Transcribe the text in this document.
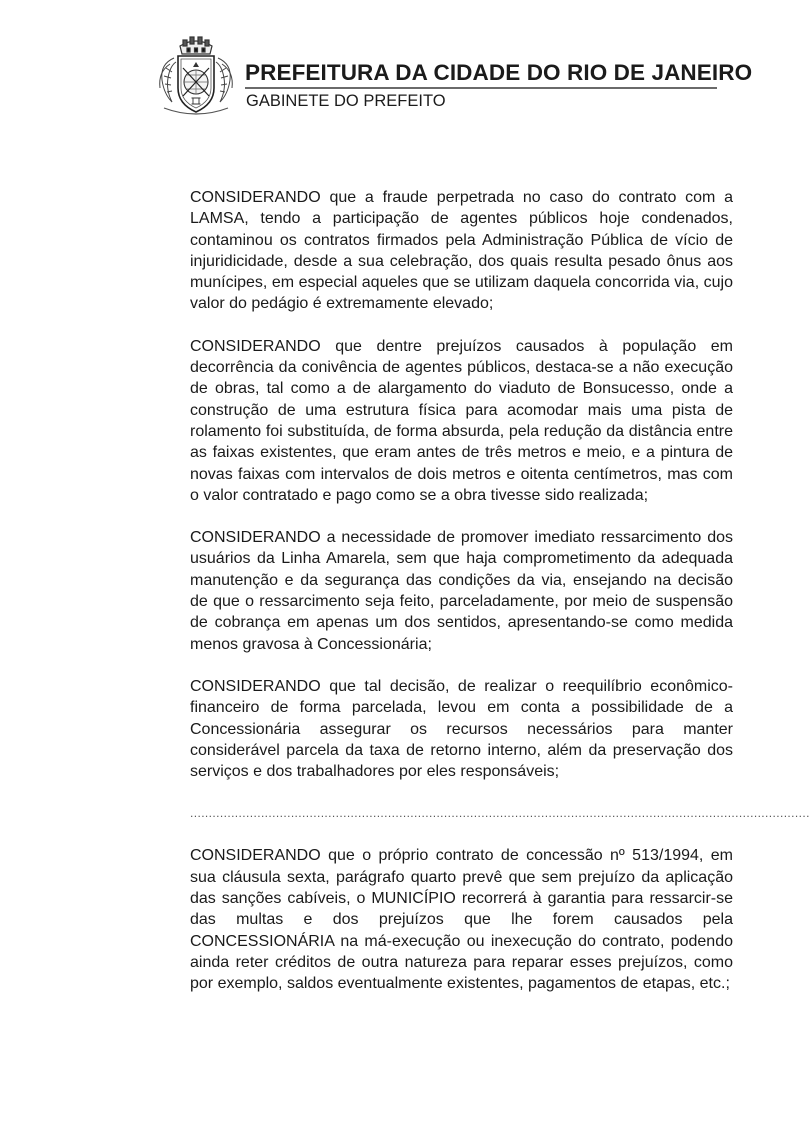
PREFEITURA DA CIDADE DO RIO DE JANEIRO
GABINETE DO PREFEITO

CONSIDERANDO que a fraude perpetrada no caso do contrato com a LAMSA, tendo a participação de agentes públicos hoje condenados, contaminou os contratos firmados pela Administração Pública de vício de injuridicidade, desde a sua celebração, dos quais resulta pesado ônus aos munícipes, em especial aqueles que se utilizam daquela concorrida via, cujo valor do pedágio é extremamente elevado;

CONSIDERANDO que dentre prejuízos causados à população em decorrência da conivência de agentes públicos, destaca-se a não execução de obras, tal como a de alargamento do viaduto de Bonsucesso, onde a construção de uma estrutura física para acomodar mais uma pista de rolamento foi substituída, de forma absurda, pela redução da distância entre as faixas existentes, que eram antes de três metros e meio, e a pintura de novas faixas com intervalos de dois metros e oitenta centímetros, mas com o valor contratado e pago como se a obra tivesse sido realizada;

CONSIDERANDO a necessidade de promover imediato ressarcimento dos usuários da Linha Amarela, sem que haja comprometimento da adequada manutenção e da segurança das condições da via, ensejando na decisão de que o ressarcimento seja feito, parceladamente, por meio de suspensão de cobrança em apenas um dos sentidos, apresentando-se como medida menos gravosa à Concessionária;

CONSIDERANDO que tal decisão, de realizar o reequilíbrio econômico-financeiro de forma parcelada, levou em conta a possibilidade de a Concessionária assegurar os recursos necessários para manter considerável parcela da taxa de retorno interno, além da preservação dos serviços e dos trabalhadores por eles responsáveis;

......................................................................................................................................................................

CONSIDERANDO que o próprio contrato de concessão nº 513/1994, em sua cláusula sexta, parágrafo quarto prevê que sem prejuízo da aplicação das sanções cabíveis, o MUNICÍPIO recorrerá à garantia para ressarcir-se das multas e dos prejuízos que lhe forem causados pela CONCESSIONÁRIA na má-execução ou inexecução do contrato, podendo ainda reter créditos de outra natureza para reparar esses prejuízos, como por exemplo, saldos eventualmente existentes, pagamentos de etapas, etc.;
